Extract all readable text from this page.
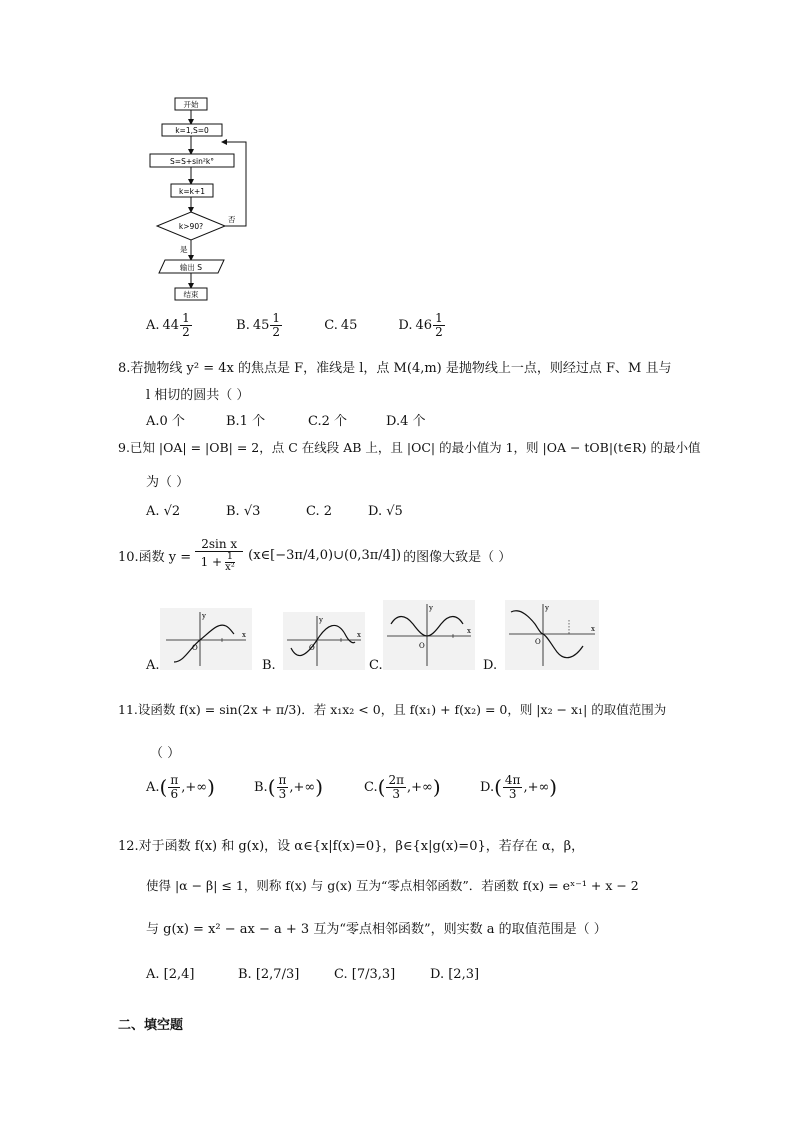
开始
k=1,S=0
S=S+sin²k°
k=k+1
k>90?
否
是
输出 S
结束
A. $44 \frac{1}{2}$
	B. $45 \frac{1}{2}$
	C. 45
	D. $46 \frac{1}{2}$
8.若抛物线 y² = 4x 的焦点是 F，准线是 l，点 M(4,m) 是抛物线上一点，则经过点 F、M 且与
l 相切的圆共（ ）
A.0 个	B.1 个	C.2 个	D.4 个
9.已知 |OA| = |OB| = 2，点 C 在线段 AB 上，且 |OC| 的最小值为 1，则 |OA − tOB|(t∈R) 的最小值
为（ ）
A. √2	B. √3	C. 2	D. √5
10.函数 $y = \frac{\text{2sin x}}{1 + \frac{1}{\text{x²}}}$ (x∈[−3π/4,0)∪(0,3π/4]) 的图像大致是（ ）
A.	B.	C.	D.
y
x
O
y
x
O
y
x
O
y
x
O
11.设函数 f(x) = sin(2x + π/3)．若 x₁x₂ < 0，且 f(x₁) + f(x₂) = 0，则 |x₂ − x₁| 的取值范围为
（ ）
A. ( $\frac{\pi}{6}$ ,+∞ )	B. ( $\frac{\pi}{3}$ ,+∞ )	C. ( $\frac{2\pi}{3}$ ,+∞ )	D. ( $\frac{4\pi}{3}$ ,+∞ )
12.对于函数 f(x) 和 g(x)，设 α∈{x|f(x)=0}，β∈{x|g(x)=0}，若存在 α，β，
使得 |α − β| ≤ 1，则称 f(x) 与 g(x) 互为“零点相邻函数”．若函数 f(x) = eˣ⁻¹ + x − 2
与 g(x) = x² − ax − a + 3 互为“零点相邻函数”，则实数 a 的取值范围是（ ）
A. [2,4]	B. [2,7/3]	C. [7/3,3]	D. [2,3]
二、填空题
